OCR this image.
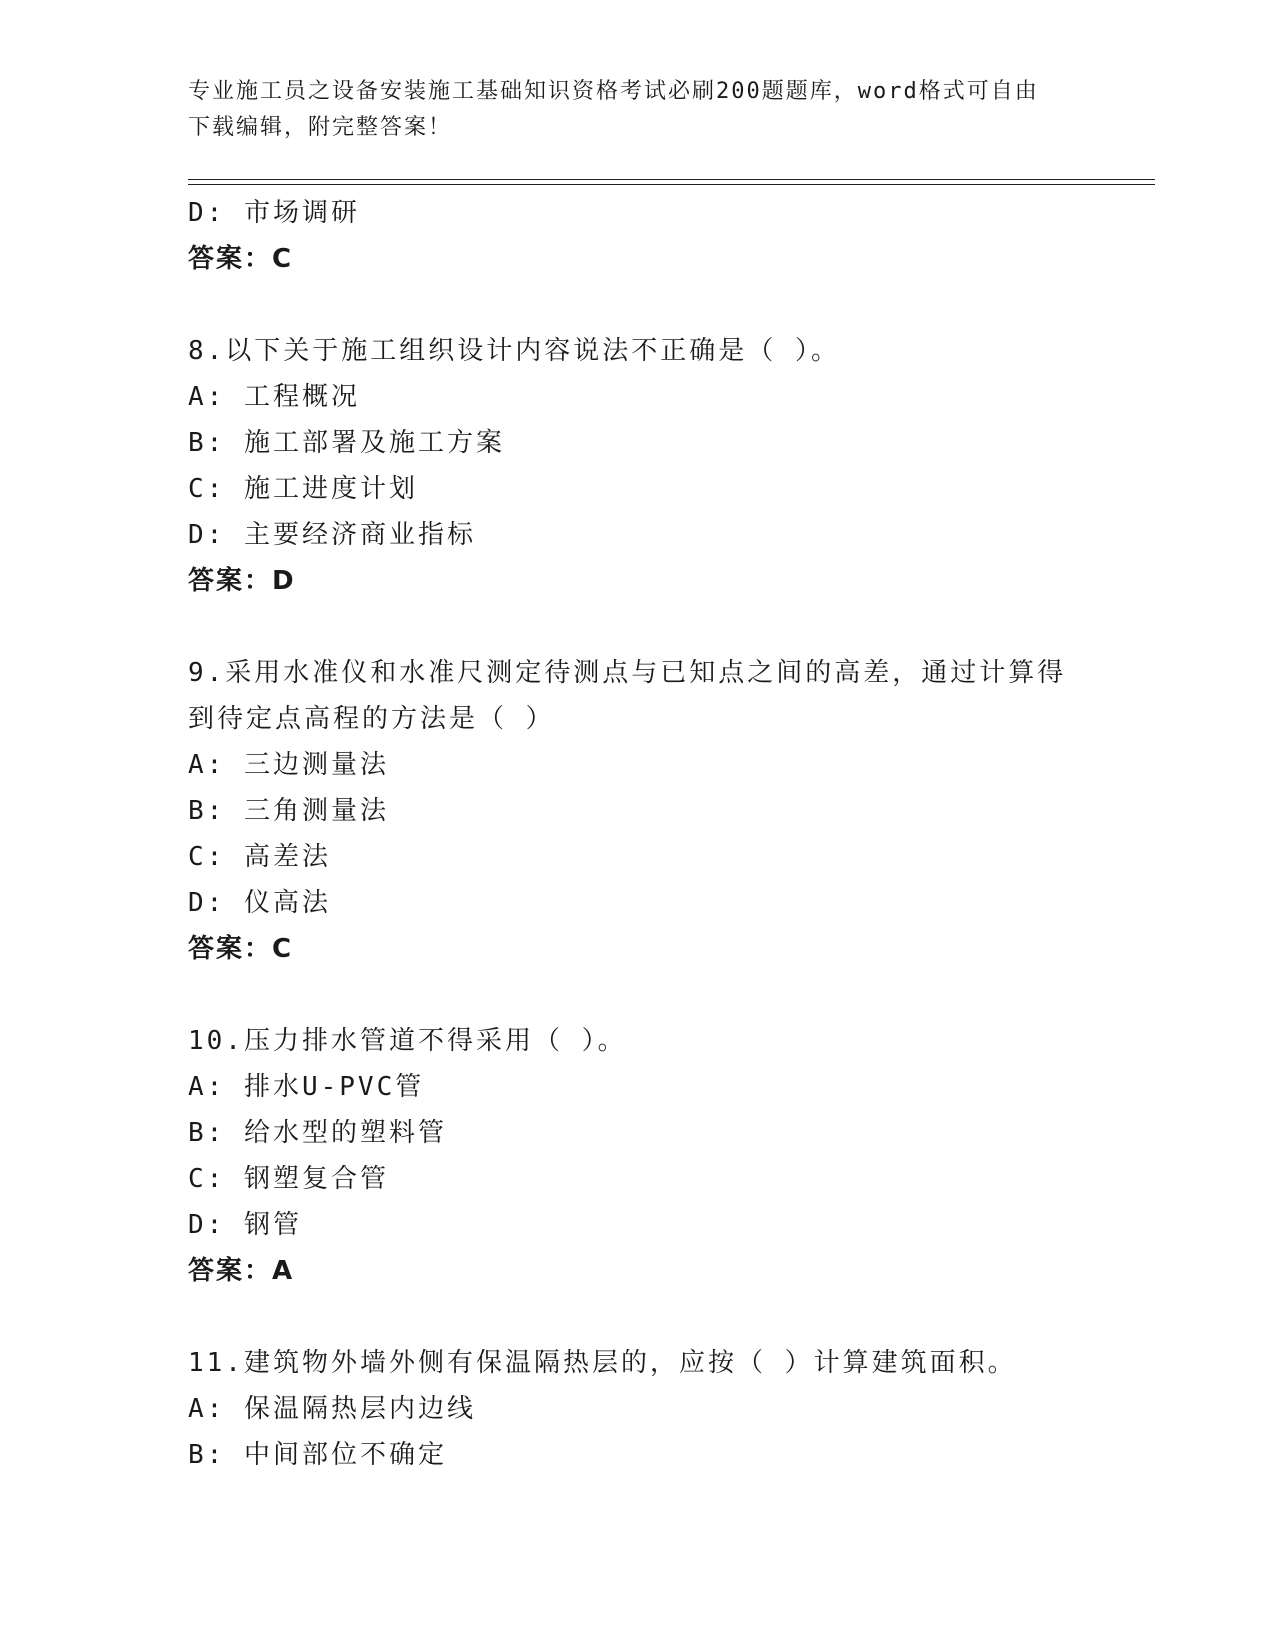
专业施工员之设备安装施工基础知识资格考试必刷200题题库，word格式可自由
下载编辑，附完整答案！
D: 市场调研
答案：C
8.以下关于施工组织设计内容说法不正确是（ ）。
A: 工程概况
B: 施工部署及施工方案
C: 施工进度计划
D: 主要经济商业指标
答案：D
9.采用水准仪和水准尺测定待测点与已知点之间的高差，通过计算得
到待定点高程的方法是（ ）
A: 三边测量法
B: 三角测量法
C: 高差法
D: 仪高法
答案：C
10.压力排水管道不得采用（ ）。
A: 排水U-PVC管
B: 给水型的塑料管
C: 钢塑复合管
D: 钢管
答案：A
11.建筑物外墙外侧有保温隔热层的，应按（ ）计算建筑面积。
A: 保温隔热层内边线
B: 中间部位不确定
